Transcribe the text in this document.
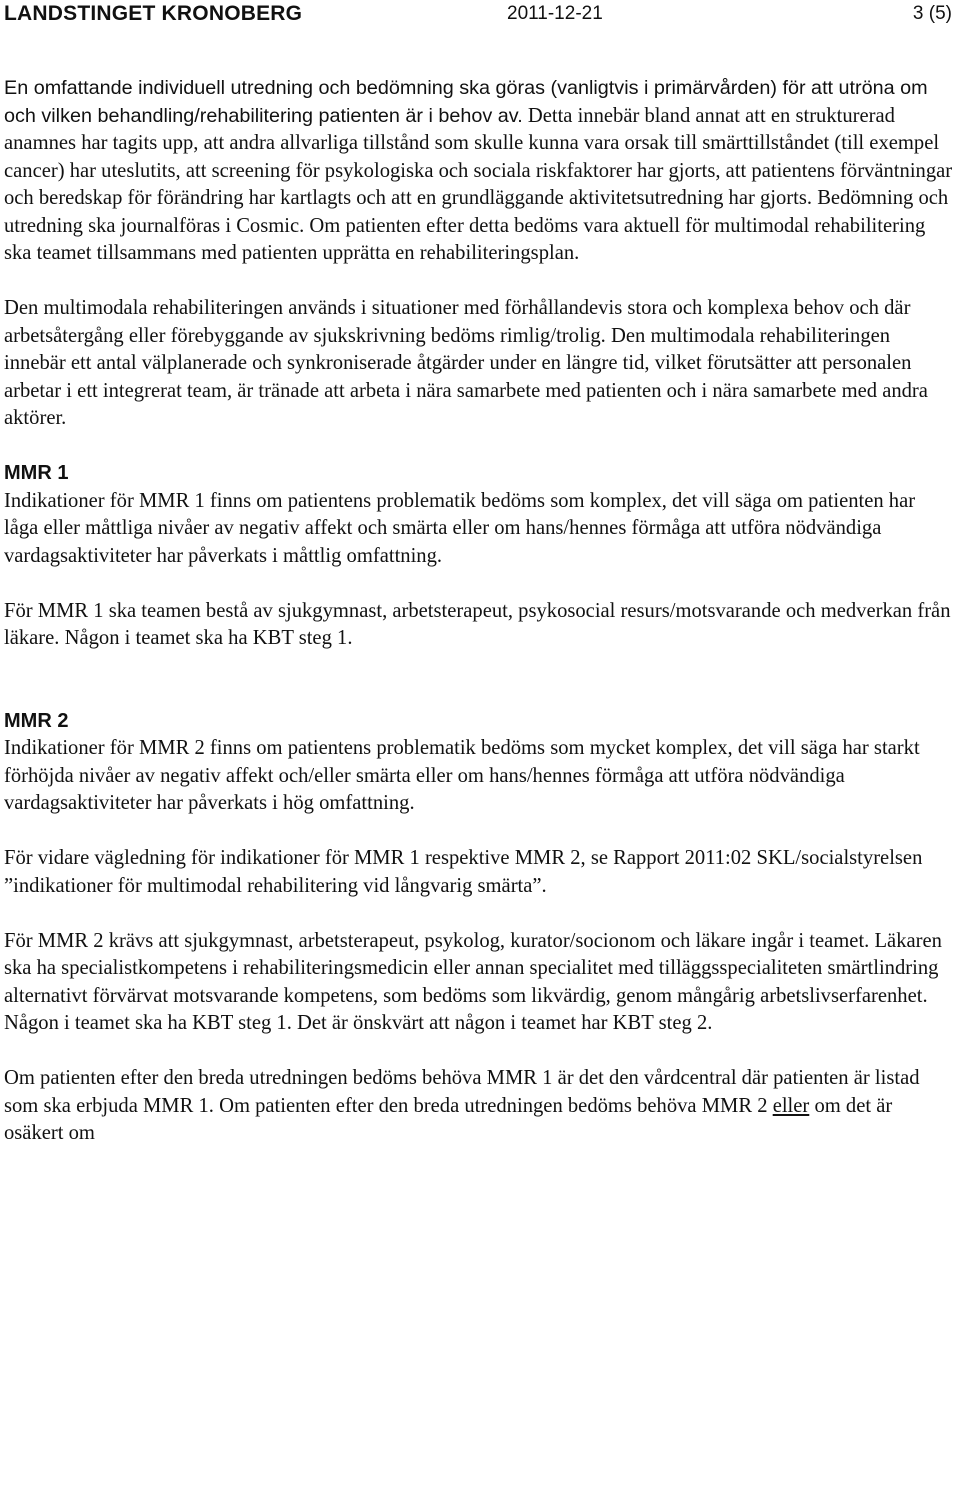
LANDSTINGET KRONOBERG	2011-12-21	3 (5)

En omfattande individuell utredning och bedömning ska göras (vanligtvis i primärvården) för att utröna om och vilken behandling/rehabilitering patienten är i behov av. Detta innebär bland annat att en strukturerad anamnes har tagits upp, att andra allvarliga tillstånd som skulle kunna vara orsak till smärttillståndet (till exempel cancer) har uteslutits, att screening för psykologiska och sociala riskfaktorer har gjorts, att patientens förväntningar och beredskap för förändring har kartlagts och att en grundläggande aktivitetsutredning har gjorts. Bedömning och utredning ska journalföras i Cosmic. Om patienten efter detta bedöms vara aktuell för multimodal rehabilitering ska teamet tillsammans med patienten upprätta en rehabiliteringsplan.

Den multimodala rehabiliteringen används i situationer med förhållandevis stora och komplexa behov och där arbetsåtergång eller förebyggande av sjukskrivning bedöms rimlig/trolig. Den multimodala rehabiliteringen innebär ett antal välplanerade och synkroniserade åtgärder under en längre tid, vilket förutsätter att personalen arbetar i ett integrerat team, är tränade att arbeta i nära samarbete med patienten och i nära samarbete med andra aktörer.

MMR 1

Indikationer för MMR 1 finns om patientens problematik bedöms som komplex, det vill säga om patienten har låga eller måttliga nivåer av negativ affekt och smärta eller om hans/hennes förmåga att utföra nödvändiga vardagsaktiviteter har påverkats i måttlig omfattning.

För MMR 1 ska teamen bestå av sjukgymnast, arbetsterapeut, psykosocial resurs/motsvarande och medverkan från läkare. Någon i teamet ska ha KBT steg 1.

MMR 2

Indikationer för MMR 2 finns om patientens problematik bedöms som mycket komplex, det vill säga har starkt förhöjda nivåer av negativ affekt och/eller smärta eller om hans/hennes förmåga att utföra nödvändiga vardagsaktiviteter har påverkats i hög omfattning.

För vidare vägledning för indikationer för MMR 1 respektive MMR 2, se Rapport 2011:02 SKL/socialstyrelsen ”indikationer för multimodal rehabilitering vid långvarig smärta”.

För MMR 2 krävs att sjukgymnast, arbetsterapeut, psykolog, kurator/socionom och läkare ingår i teamet. Läkaren ska ha specialistkompetens i rehabiliteringsmedicin eller annan specialitet med tilläggsspecialiteten smärtlindring alternativt förvärvat motsvarande kompetens, som bedöms som likvärdig, genom mångårig arbetslivserfarenhet. Någon i teamet ska ha KBT steg 1. Det är önskvärt att någon i teamet har KBT steg 2.

Om patienten efter den breda utredningen bedöms behöva MMR 1 är det den vårdcentral där patienten är listad som ska erbjuda MMR 1. Om patienten efter den breda utredningen bedöms behöva MMR 2 eller om det är osäkert om
